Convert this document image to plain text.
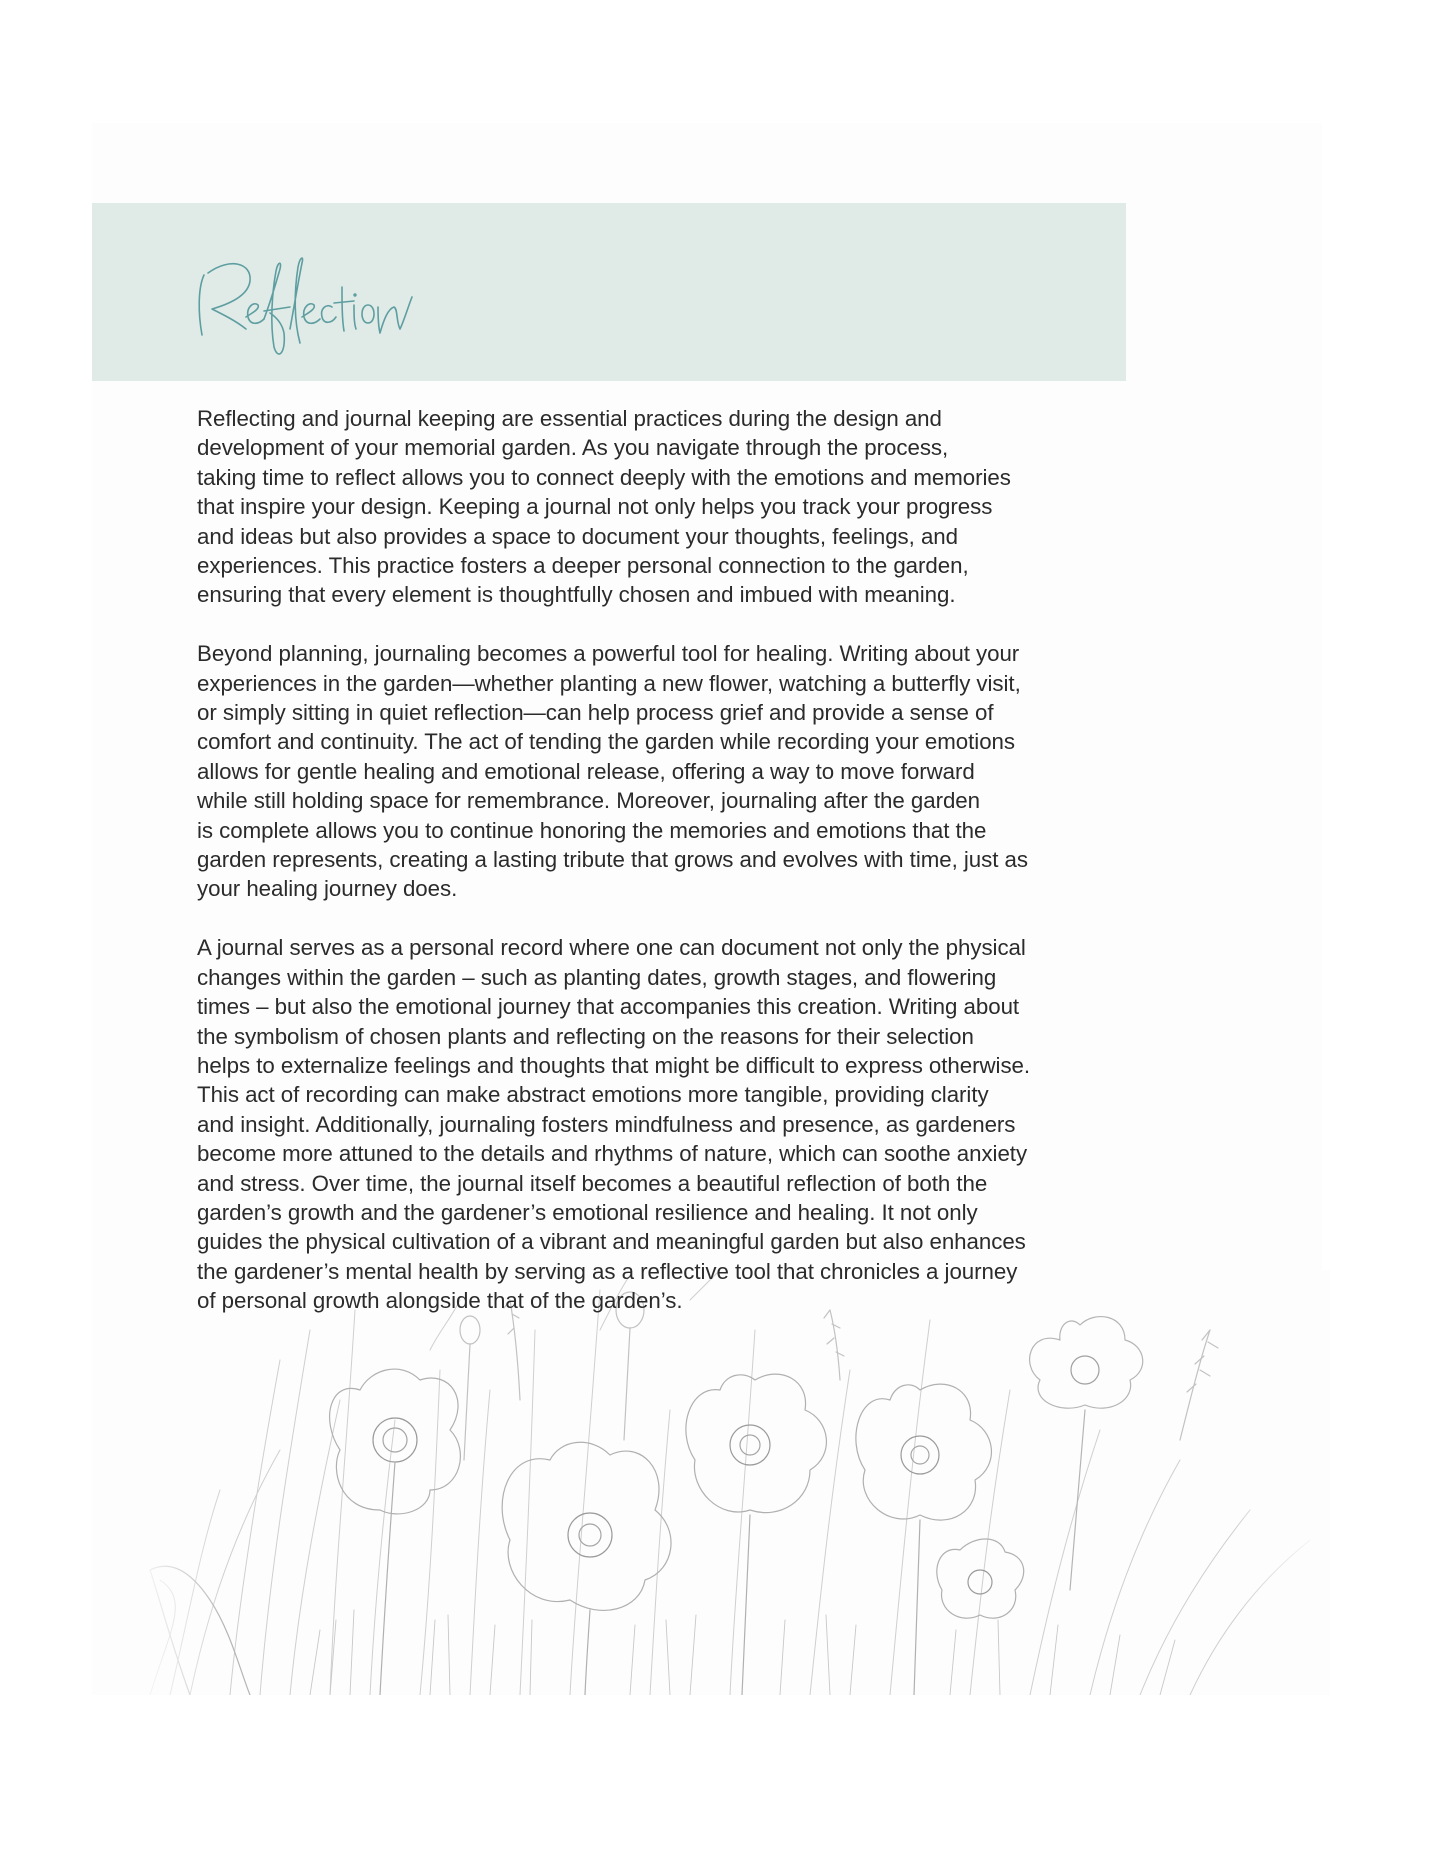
Reflecting and journal keeping are essential practices during the design and
development of your memorial garden. As you navigate through the process,
taking time to reflect allows you to connect deeply with the emotions and memories
that inspire your design. Keeping a journal not only helps you track your progress
and ideas but also provides a space to document your thoughts, feelings, and
experiences. This practice fosters a deeper personal connection to the garden,
ensuring that every element is thoughtfully chosen and imbued with meaning.

Beyond planning, journaling becomes a powerful tool for healing. Writing about your
experiences in the garden—whether planting a new flower, watching a butterfly visit,
or simply sitting in quiet reflection—can help process grief and provide a sense of
comfort and continuity. The act of tending the garden while recording your emotions
allows for gentle healing and emotional release, offering a way to move forward
while still holding space for remembrance. Moreover, journaling after the garden
is complete allows you to continue honoring the memories and emotions that the
garden represents, creating a lasting tribute that grows and evolves with time, just as
your healing journey does.

A journal serves as a personal record where one can document not only the physical
changes within the garden – such as planting dates, growth stages, and flowering
times – but also the emotional journey that accompanies this creation. Writing about
the symbolism of chosen plants and reflecting on the reasons for their selection
helps to externalize feelings and thoughts that might be difficult to express otherwise.
This act of recording can make abstract emotions more tangible, providing clarity
and insight. Additionally, journaling fosters mindfulness and presence, as gardeners
become more attuned to the details and rhythms of nature, which can soothe anxiety
and stress. Over time, the journal itself becomes a beautiful reflection of both the
garden’s growth and the gardener’s emotional resilience and healing. It not only
guides the physical cultivation of a vibrant and meaningful garden but also enhances
the gardener’s mental health by serving as a reflective tool that chronicles a journey
of personal growth alongside that of the garden’s.
